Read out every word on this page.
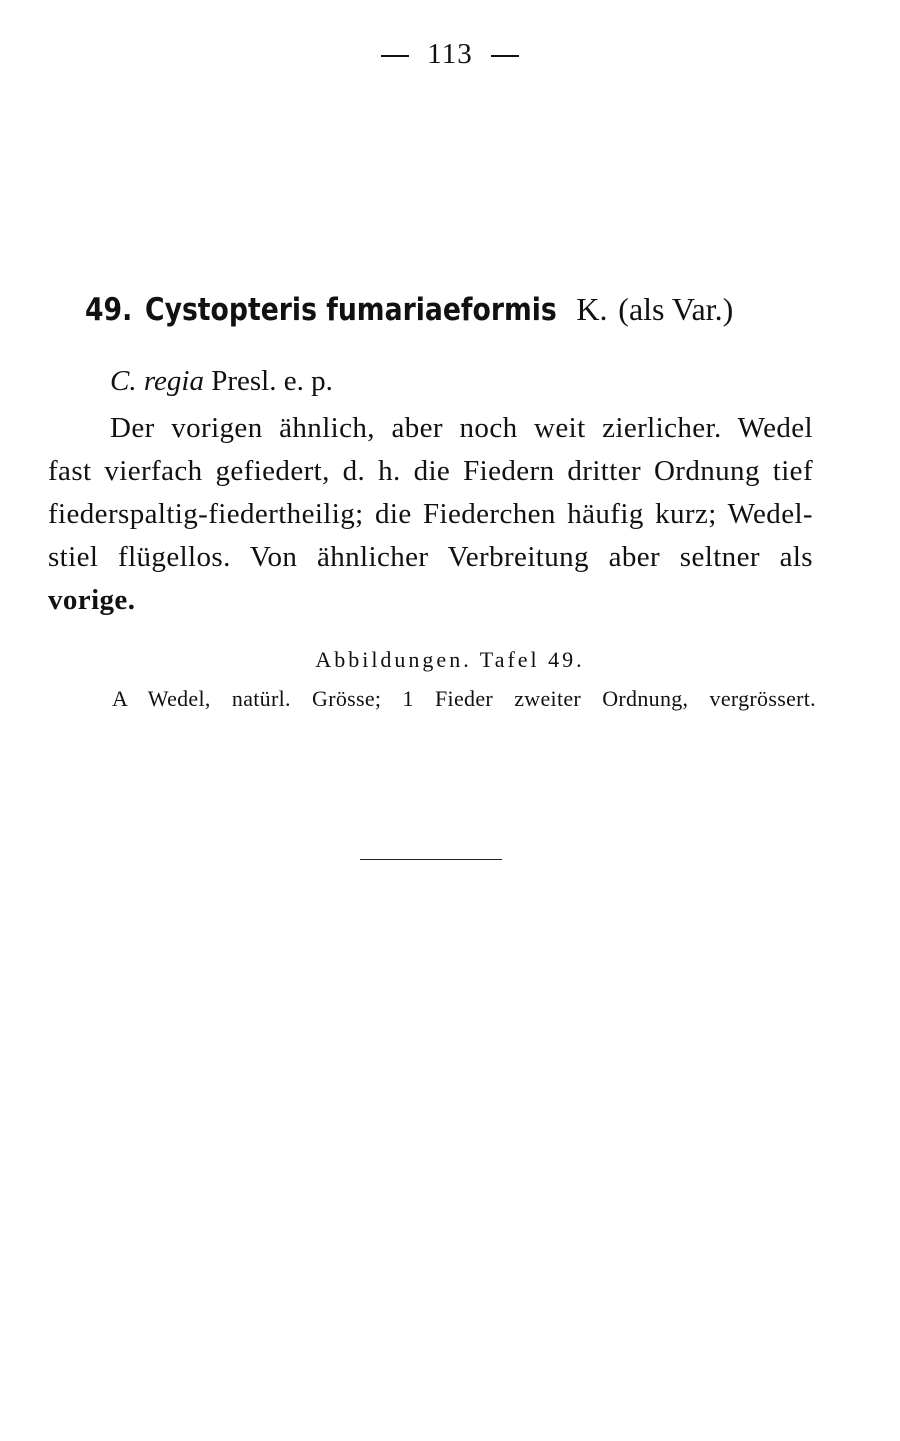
113
49. Cystopteris fumariaeformis K. (als Var.)
C. regia Presl. e. p.
Der vorigen ähnlich, aber noch weit zierlicher. Wedel
fast vierfach gefiedert, d. h. die Fiedern dritter Ordnung tief
fiederspaltig-fiedertheilig; die Fiederchen häufig kurz; Wedel-
stiel flügellos. Von ähnlicher Verbreitung aber seltner als
vorige.
Abbildungen. Tafel 49.
A Wedel, natürl. Grösse; 1 Fieder zweiter Ordnung, vergrössert.
